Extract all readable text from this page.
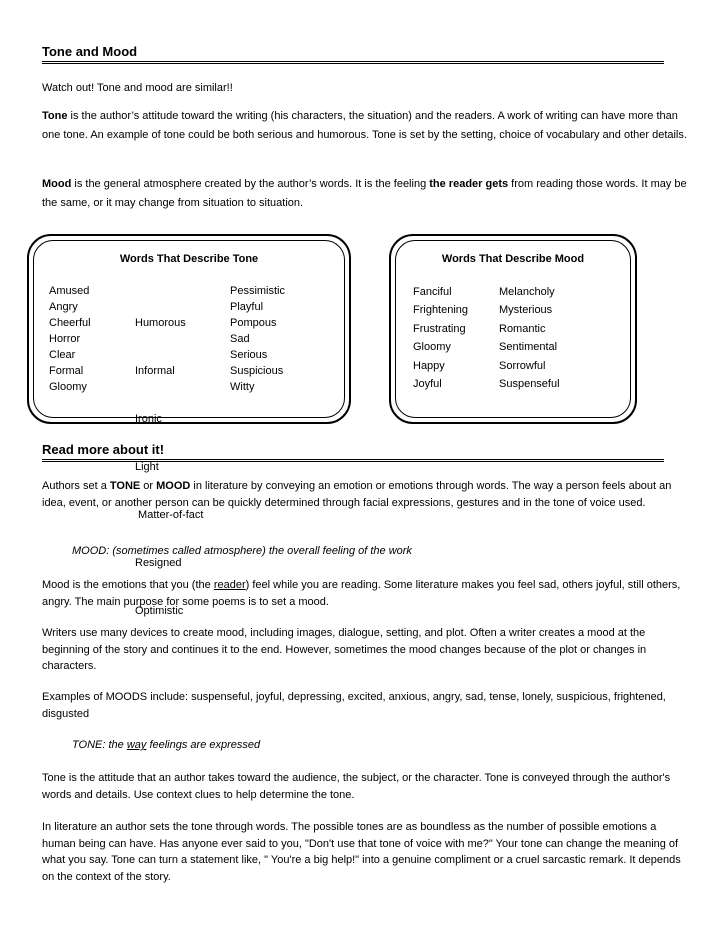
Tone and Mood
Watch out! Tone and mood are similar!!
Tone is the author’s attitude toward the writing (his characters, the situation) and the readers. A work of writing can have more than one tone. An example of tone could be both serious and humorous. Tone is set by the setting, choice of vocabulary and other details.
Mood is the general atmosphere created by the author’s words. It is the feeling the reader gets from reading those words. It may be the same, or it may change from situation to situation.
Words That Describe Tone
Amused
Angry
Cheerful
Horror
Clear
Formal
Gloomy

Humorous

Informal

Ironic

Light

Matter-of-fact

Resigned

Optimistic

Pessimistic
Playful
Pompous
Sad
Serious
Suspicious
Witty
Words That Describe Mood
Fanciful
Frightening
Frustrating
Gloomy
Happy
Joyful
Melancholy
Mysterious
Romantic
Sentimental
Sorrowful
Suspenseful
Read more about it!
Authors set a TONE or MOOD in literature by conveying an emotion or emotions through words. The way a person feels about an idea, event, or another person can be quickly determined through facial expressions, gestures and in the tone of voice used.
MOOD: (sometimes called atmosphere) the overall feeling of the work
Mood is the emotions that you (the reader) feel while you are reading. Some literature makes you feel sad, others joyful, still others, angry. The main purpose for some poems is to set a mood.
Writers use many devices to create mood, including images, dialogue, setting, and plot. Often a writer creates a mood at the beginning of the story and continues it to the end. However, sometimes the mood changes because of the plot or changes in characters.
Examples of MOODS include: suspenseful, joyful, depressing, excited, anxious, angry, sad, tense, lonely, suspicious, frightened, disgusted
TONE: the way feelings are expressed
Tone is the attitude that an author takes toward the audience, the subject, or the character. Tone is conveyed through the author's words and details. Use context clues to help determine the tone.
In literature an author sets the tone through words. The possible tones are as boundless as the number of possible emotions a human being can have. Has anyone ever said to you, "Don't use that tone of voice with me?" Your tone can change the meaning of what you say. Tone can turn a statement like, " You're a big help!" into a genuine compliment or a cruel sarcastic remark. It depends on the context of the story.
